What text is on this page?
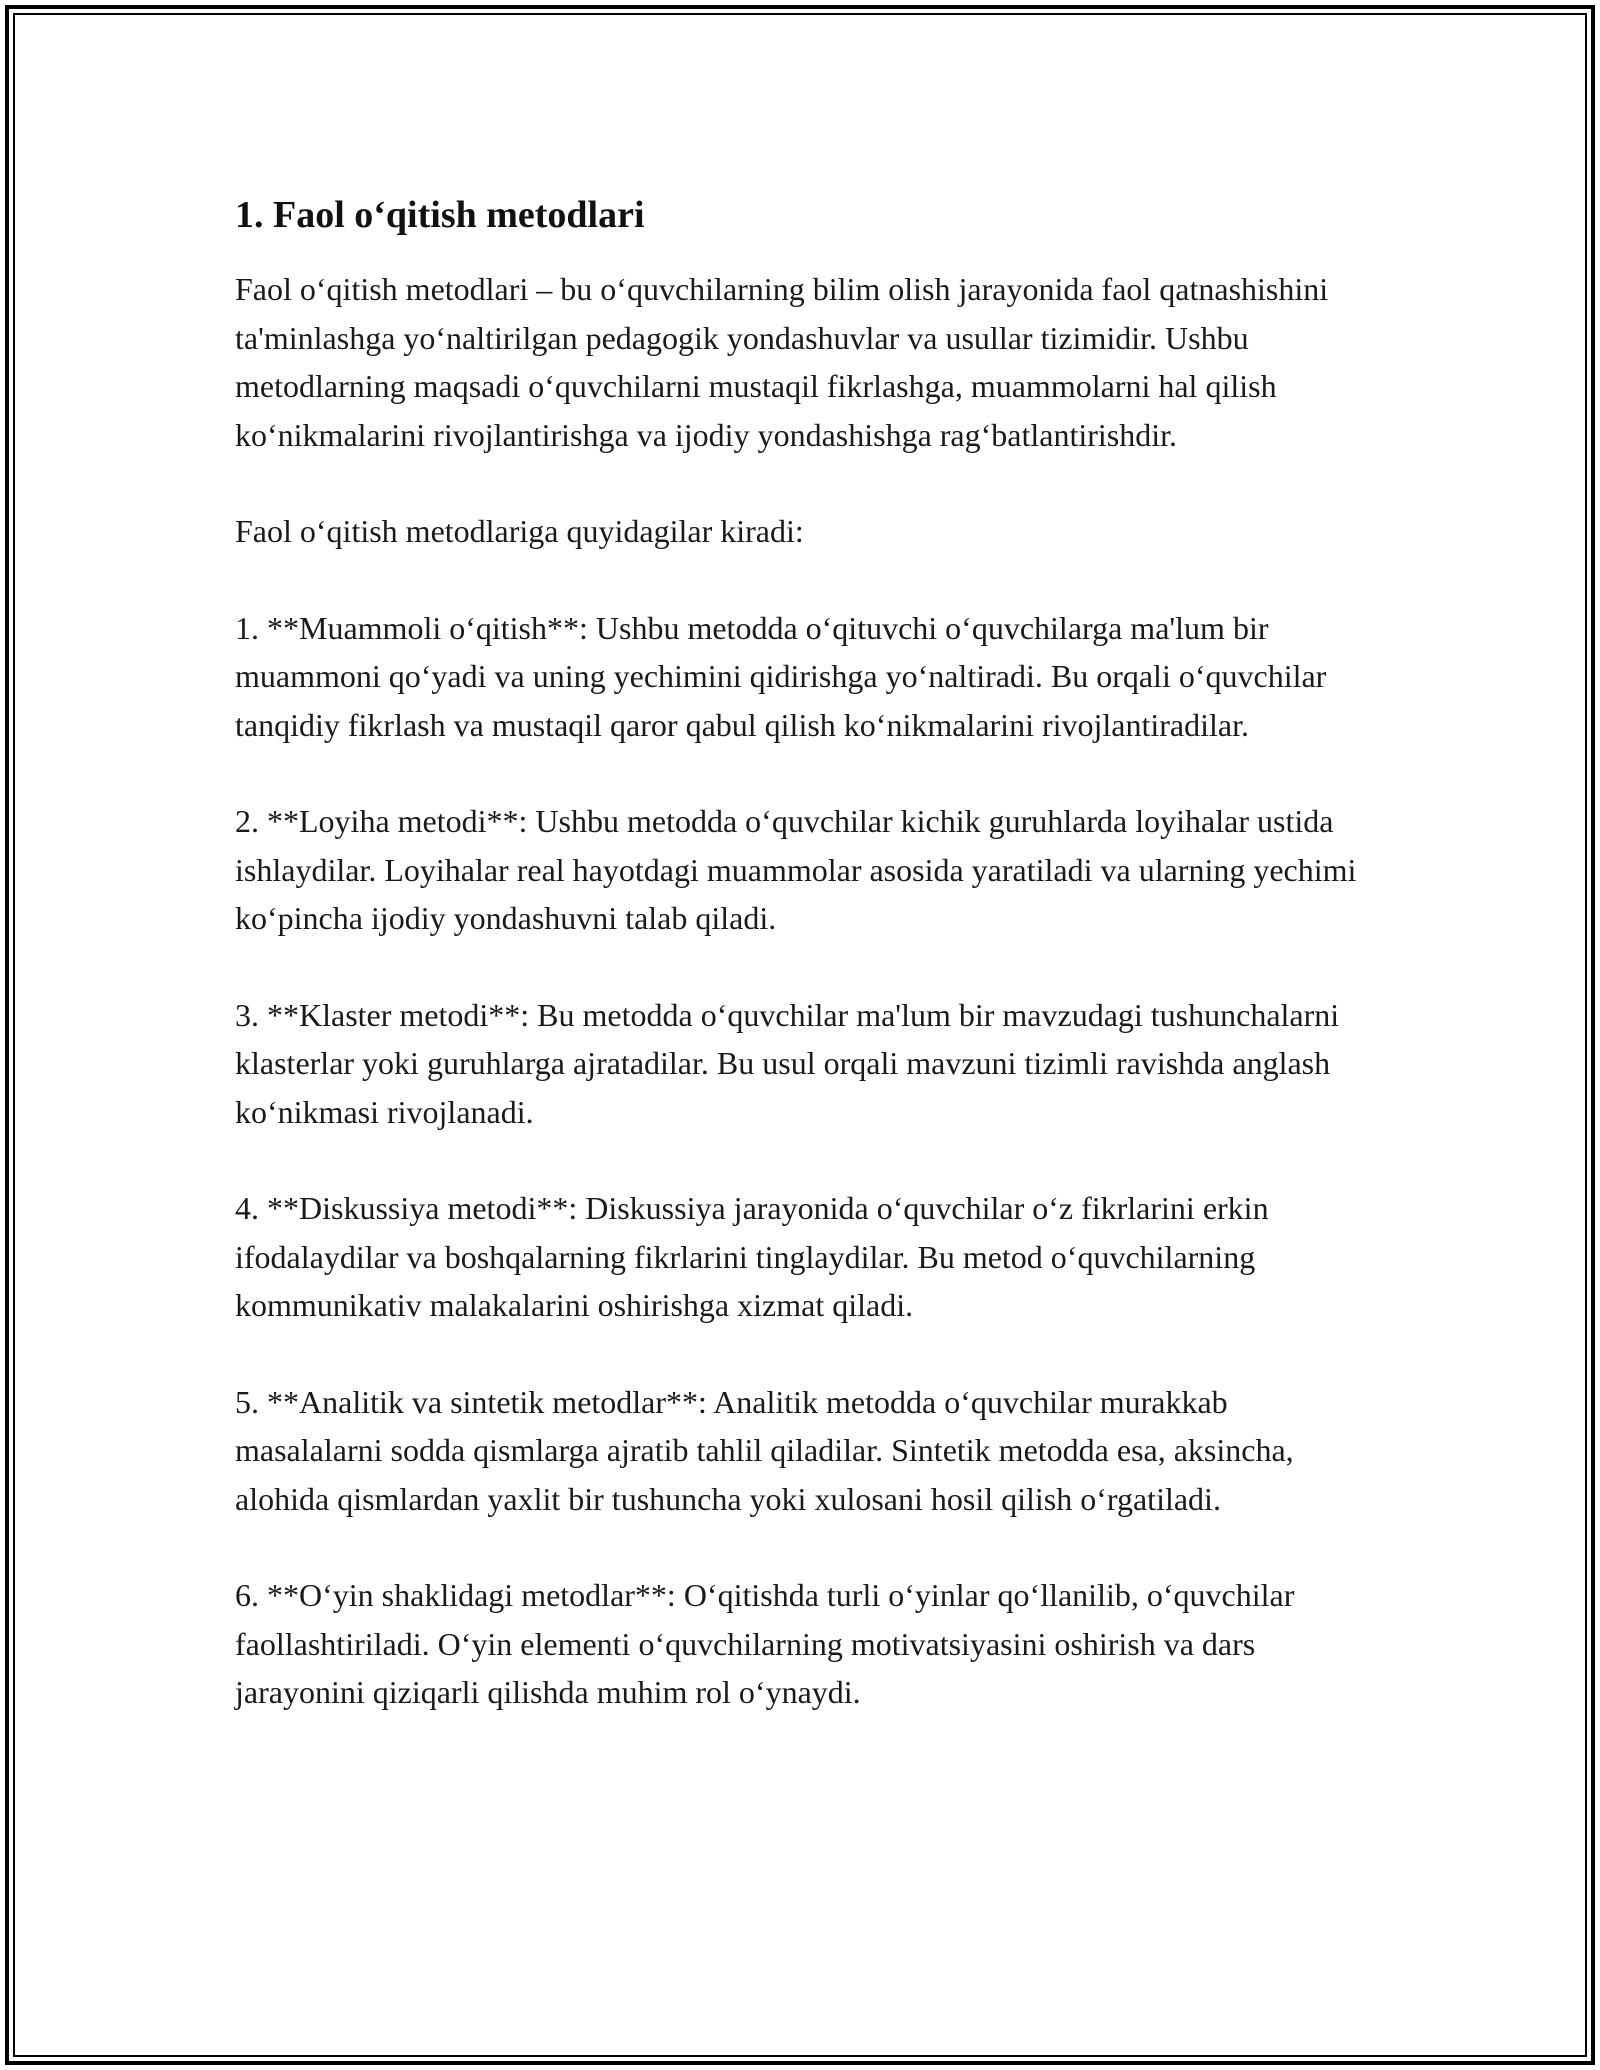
1. Faol o‘qitish metodlari

Faol o‘qitish metodlari – bu o‘quvchilarning bilim olish jarayonida faol qatnashishini ta'minlashga yo‘naltirilgan pedagogik yondashuvlar va usullar tizimidir. Ushbu metodlarning maqsadi o‘quvchilarni mustaqil fikrlashga, muammolarni hal qilish ko‘nikmalarini rivojlantirishga va ijodiy yondashishga rag‘batlantirishdir.

Faol o‘qitish metodlariga quyidagilar kiradi:

1. **Muammoli o‘qitish**: Ushbu metodda o‘qituvchi o‘quvchilarga ma'lum bir muammoni qo‘yadi va uning yechimini qidirishga yo‘naltiradi. Bu orqali o‘quvchilar tanqidiy fikrlash va mustaqil qaror qabul qilish ko‘nikmalarini rivojlantiradilar.

2. **Loyiha metodi**: Ushbu metodda o‘quvchilar kichik guruhlarda loyihalar ustida ishlaydilar. Loyihalar real hayotdagi muammolar asosida yaratiladi va ularning yechimi ko‘pincha ijodiy yondashuvni talab qiladi.

3. **Klaster metodi**: Bu metodda o‘quvchilar ma'lum bir mavzudagi tushunchalarni klasterlar yoki guruhlarga ajratadilar. Bu usul orqali mavzuni tizimli ravishda anglash ko‘nikmasi rivojlanadi.

4. **Diskussiya metodi**: Diskussiya jarayonida o‘quvchilar o‘z fikrlarini erkin ifodalaydilar va boshqalarning fikrlarini tinglaydilar. Bu metod o‘quvchilarning kommunikativ malakalarini oshirishga xizmat qiladi.

5. **Analitik va sintetik metodlar**: Analitik metodda o‘quvchilar murakkab masalalarni sodda qismlarga ajratib tahlil qiladilar. Sintetik metodda esa, aksincha, alohida qismlardan yaxlit bir tushuncha yoki xulosani hosil qilish o‘rgatiladi.

6. **O‘yin shaklidagi metodlar**: O‘qitishda turli o‘yinlar qo‘llanilib, o‘quvchilar faollashtiriladi. O‘yin elementi o‘quvchilarning motivatsiyasini oshirish va dars jarayonini qiziqarli qilishda muhim rol o‘ynaydi.
